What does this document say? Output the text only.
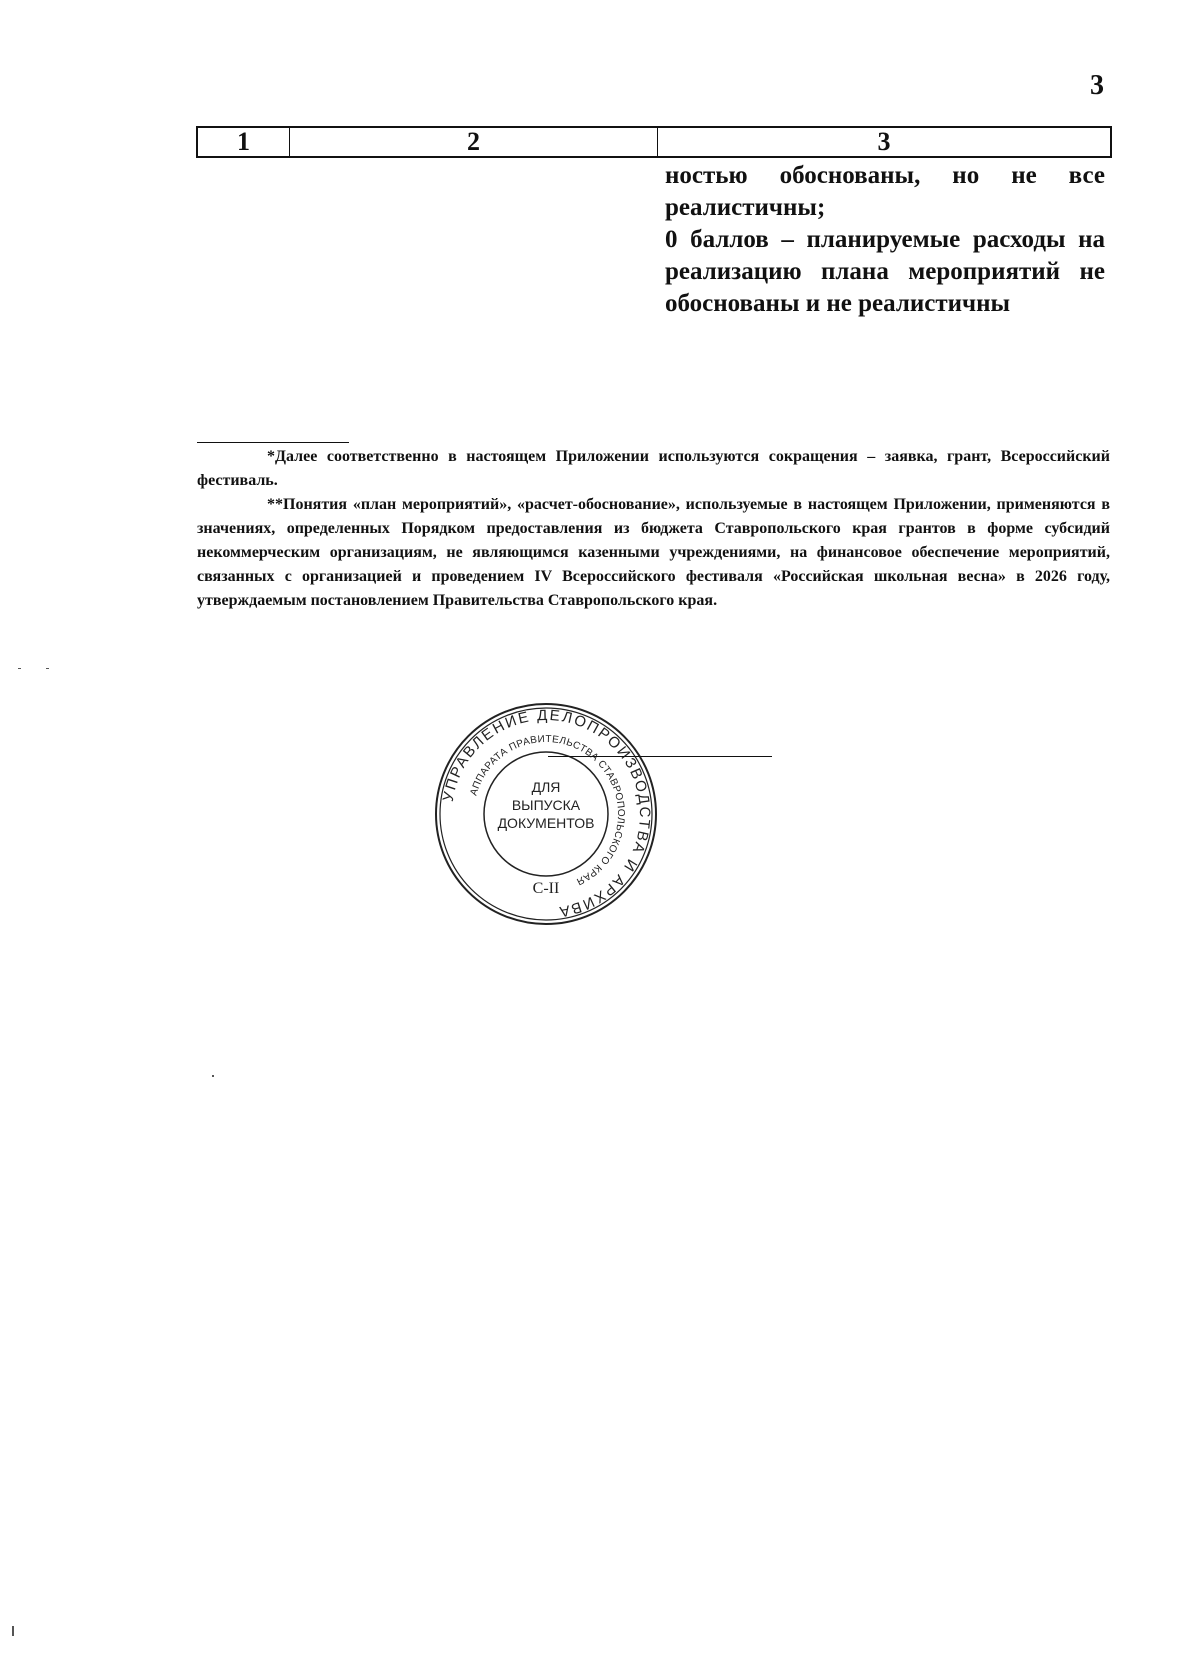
3
1	2	3

ностью обоснованы, но не все реалистичны;

0 баллов – планируемые расходы на реализацию плана мероприятий не обоснованы и не реалистичны

*Далее соответственно в настоящем Приложении используются сокращения – заявка, грант, Всероссийский фестиваль.

**Понятия «план мероприятий», «расчет-обоснование», используемые в настоящем Приложении, применяются в значениях, определенных Порядком предоставления из бюджета Ставропольского края грантов в форме субсидий некоммерческим организациям, не являющимся казенными учреждениями, на финансовое обеспечение мероприятий, связанных с организацией и проведением IV Всероссийского фестиваля «Российская школьная весна» в 2026 году, утверждаемым постановлением Правительства Ставропольского края.

УПРАВЛЕНИЕ ДЕЛОПРОИЗВОДСТВА И АРХИВА
АППАРАТА ПРАВИТЕЛЬСТВА СТАВРОПОЛЬСКОГО КРАЯ
ДЛЯ
ВЫПУСКА
ДОКУМЕНТОВ
С-II
